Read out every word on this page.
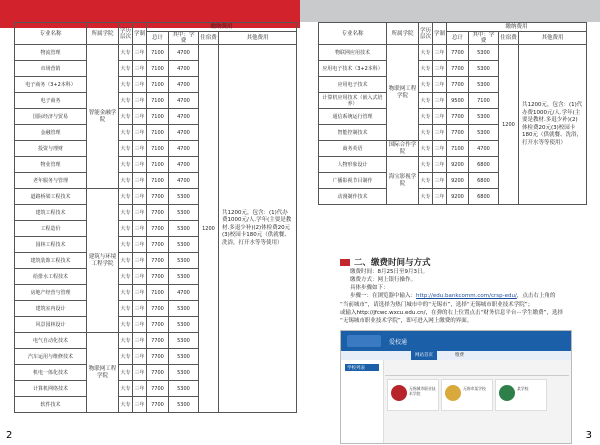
专业名称	所属学院	学历层次	学制	缴纳费用			
				总计	其中：学费	住宿费	其他费用
物流管理	智能金融学院	大专	三年	7100	4700	1200	共1200元，包含：(1)代办费1000元/人.学年(主要是教材.多退少补)(2)体检费20元(3)校园卡180元（供就餐、洗浴，打开水等等使用）
市场营销		大专	三年	7100	4700		
电子商务（3+2本科）		大专	三年	7100	4700		
电子商务		大专	三年	7100	4700		
国际经济与贸易		大专	三年	7100	4700		
金融管理		大专	三年	7100	4700		
投资与理财		大专	三年	7100	4700		
物业管理		大专	三年	7100	4700		
老年服务与管理		大专	三年	7100	4700		
道路桥梁工程技术	建筑与环境工程学院	大专	三年	7700	5300		
建筑工程技术		大专	三年	7700	5300		
工程造价		大专	三年	7700	5300		
园林工程技术		大专	三年	7700	5300		
建筑装饰工程技术		大专	三年	7700	5300		
给排水工程技术		大专	三年	7700	5300		
房地产经营与管理		大专	三年	7100	4700		
建筑室内设计		大专	三年	7700	5300		
风景园林设计		大专	三年	7700	5300		
电气自动化技术	物联网工程学院	大专	三年	7700	5300		
汽车运用与维修技术		大专	三年	7700	5300		
机电一体化技术		大专	三年	7700	5300		
计算机网络技术		大专	三年	7700	5300		
软件技术		大专	三年	7700	5300		
专业名称	所属学院	学历层次	学制	缴纳费用			
				总计	其中：学费	住宿费	其他费用
物联网应用技术	物联网工程学院	大专	三年	7700	5300	1200	共1200元，包含：(1)代办费1000元/人.学年(主要是教材.多退少补)(2)体检费20元(3)校园卡180元（供就餐、洗浴，打开水等等使用）
应用电子技术（3+2本科）		大专	三年	7700	5300		
应用电子技术		大专	三年	7700	5300		
计算机应用技术（嵌入式培养）		大专	三年	9500	7100		
通信系统运行管理		大专	三年	7700	5300		
智能控制技术		大专	三年	7700	5300		
商务英语	国际合作学院	大专	三年	7100	4700		
人物形象设计	海宝影视学院	大专	三年	9200	6800		
广播影视节目制作		大专	三年	9200	6800		
动漫制作技术		大专	三年	9200	6800		
二、缴费时间与方式
缴费时间：8月25日至9月3日。
缴费方式：网上银行操作。
具体步骤如下：
步骤一：在浏览器中输入：http://edu.bankcomm.com/crsp-edu/，点击右上角的
“当前城市”，请选择为热门城市中的“无锡市”，选择“无锡城市职业技术学院”；
或输入http://jfcwc.wxcu.edu.cn/，在弹的右上位置点击“财务信息平台···学生缴费”，选择
“无锡城市职业技术学院”，即可进入网上缴费的界面。
爱校通
网站首页	缴费
学校列表
无锡城市职业技术学院
无锡市某学校	某学校
2	3
